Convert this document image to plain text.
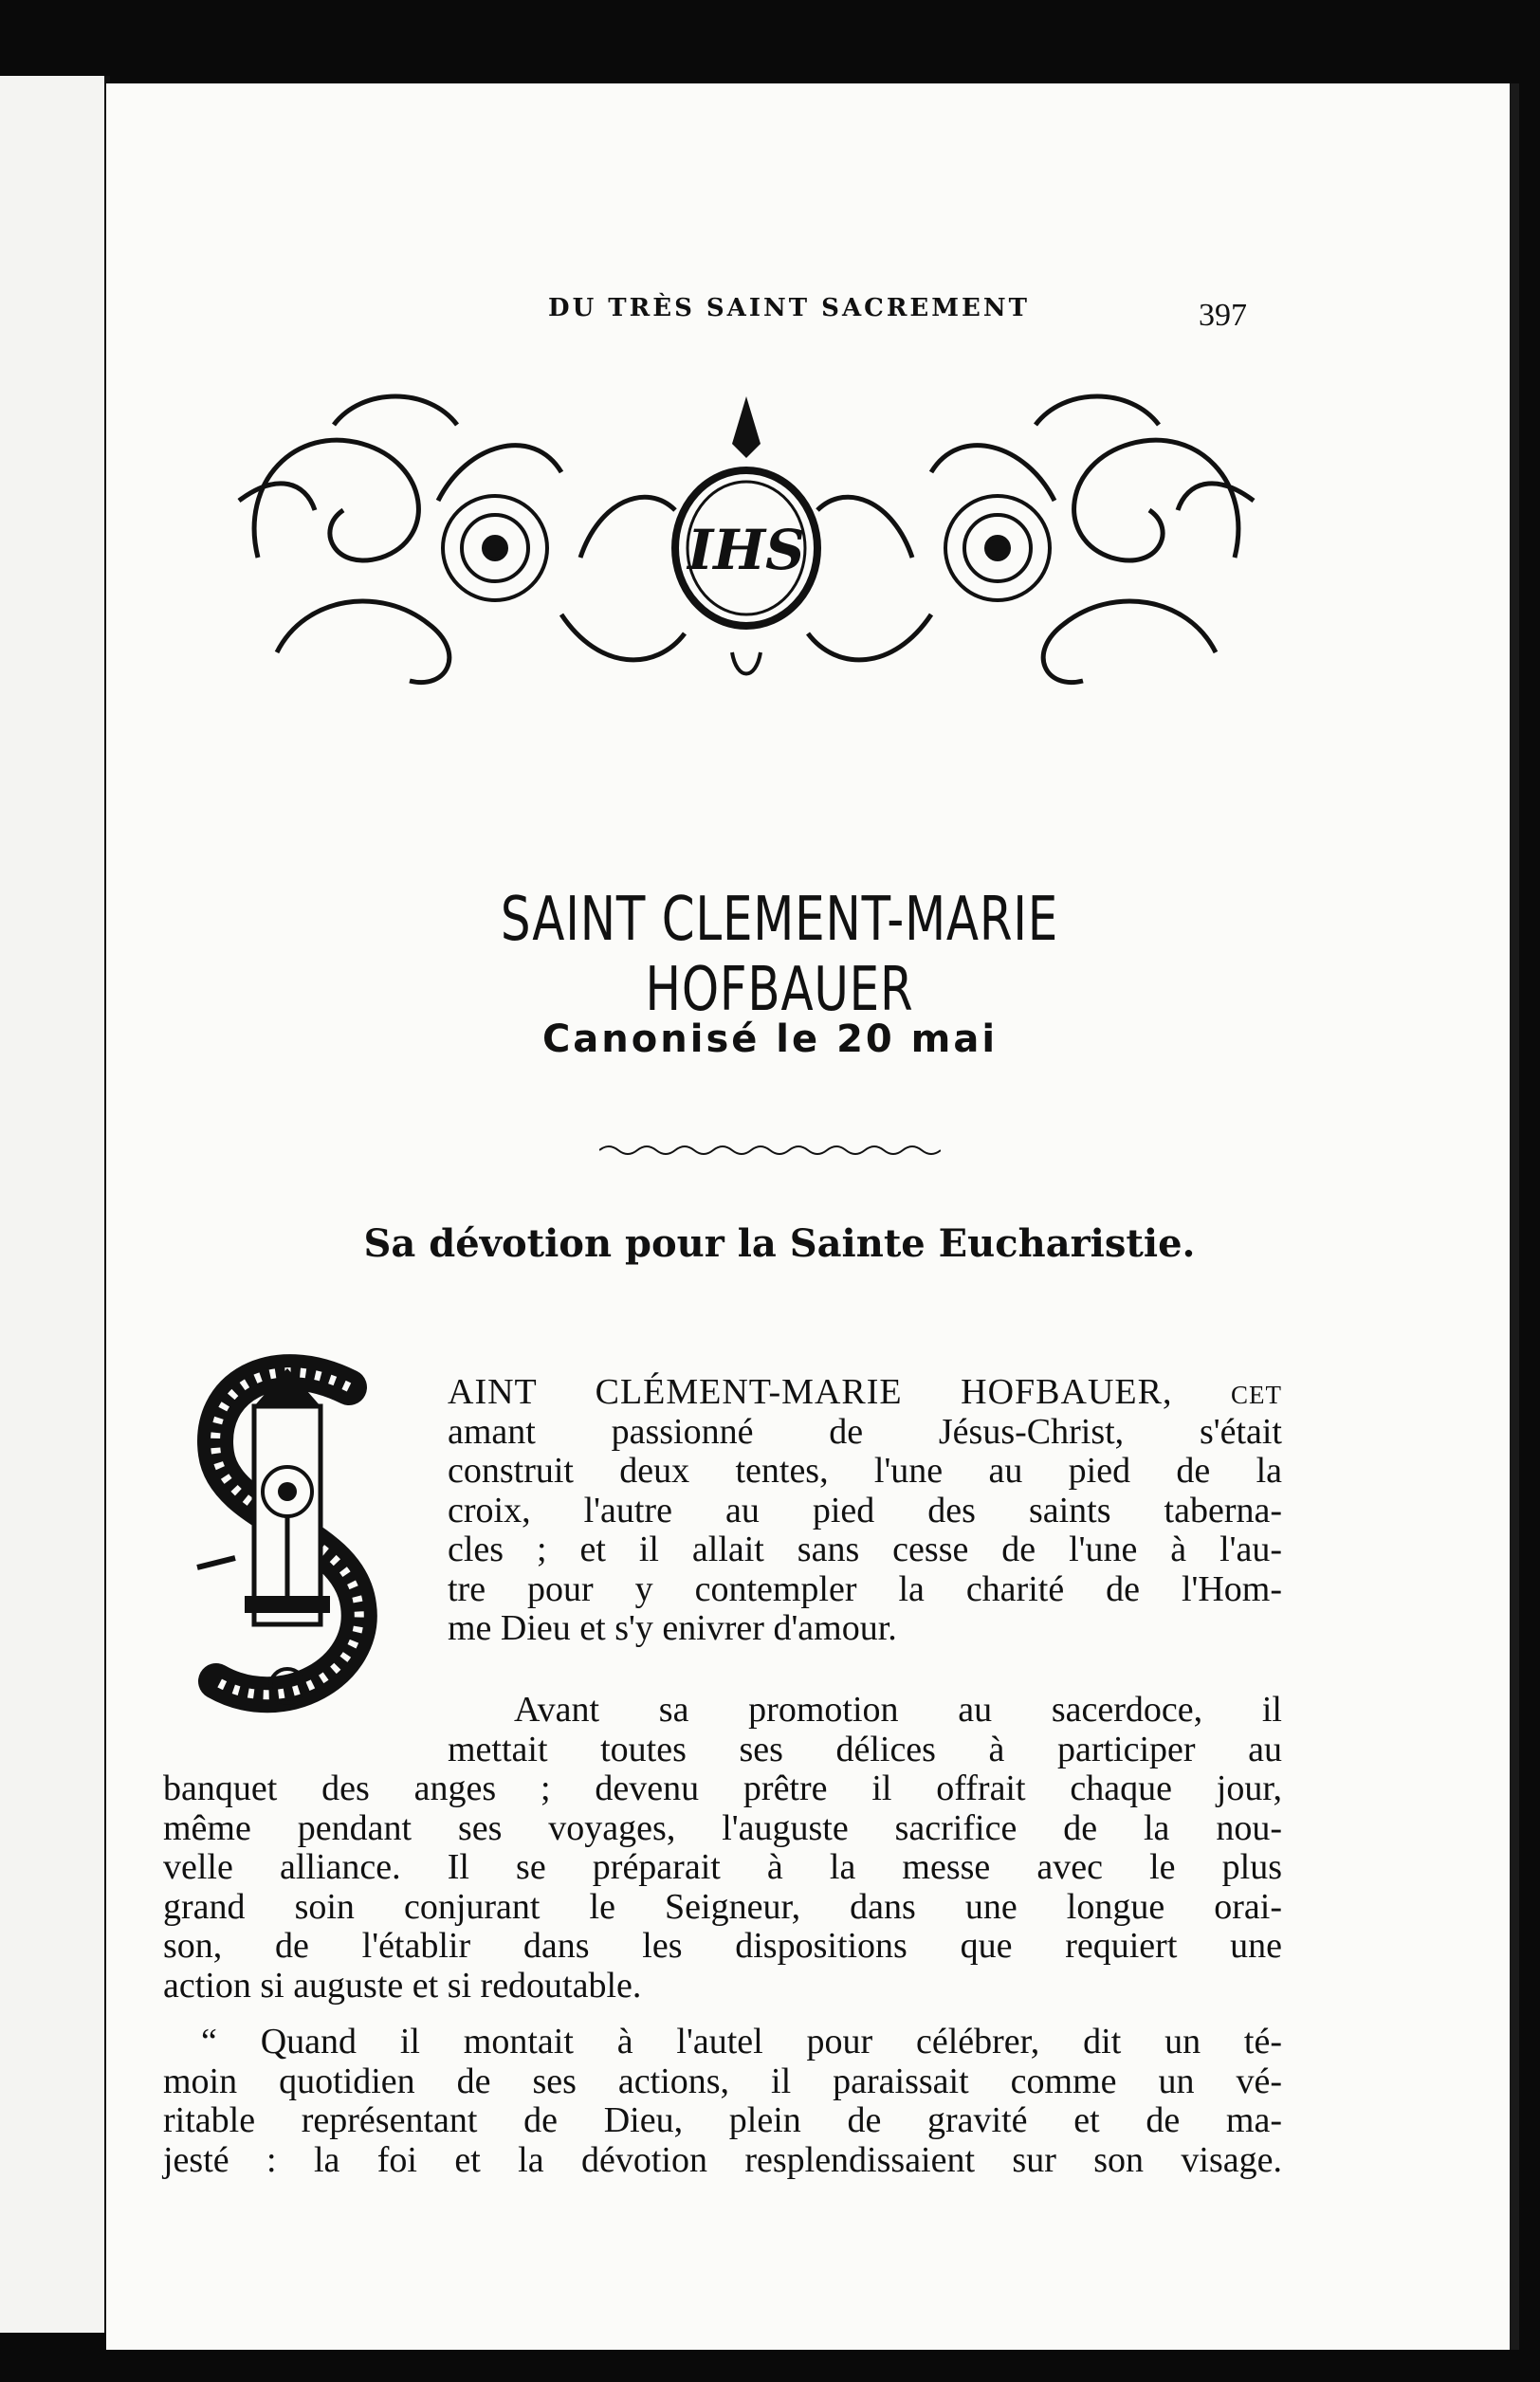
DU TRÈS SAINT SACREMENT	397
IHS
SAINT CLEMENT-MARIE HOFBAUER
Canonisé le 20 mai
Sa dévotion pour la Sainte Eucharistie.
AINT CLÉMENT-MARIE HOFBAUER, cet
amant passionné de Jésus-Christ, s'était
construit deux tentes, l'une au pied de la
croix, l'autre au pied des saints taberna-
cles ; et il allait sans cesse de l'une à l'au-
tre pour y contempler la charité de l'Hom-
me Dieu et s'y enivrer d'amour.
Avant sa promotion au sacerdoce, il
mettait toutes ses délices à participer au
banquet des anges ; devenu prêtre il offrait chaque jour,
même pendant ses voyages, l'auguste sacrifice de la nou-
velle alliance. Il se préparait à la messe avec le plus
grand soin conjurant le Seigneur, dans une longue orai-
son, de l'établir dans les dispositions que requiert une
action si auguste et si redoutable.
“ Quand il montait à l'autel pour célébrer, dit un té-
moin quotidien de ses actions, il paraissait comme un vé-
ritable représentant de Dieu, plein de gravité et de ma-
jesté : la foi et la dévotion resplendissaient sur son visage.
